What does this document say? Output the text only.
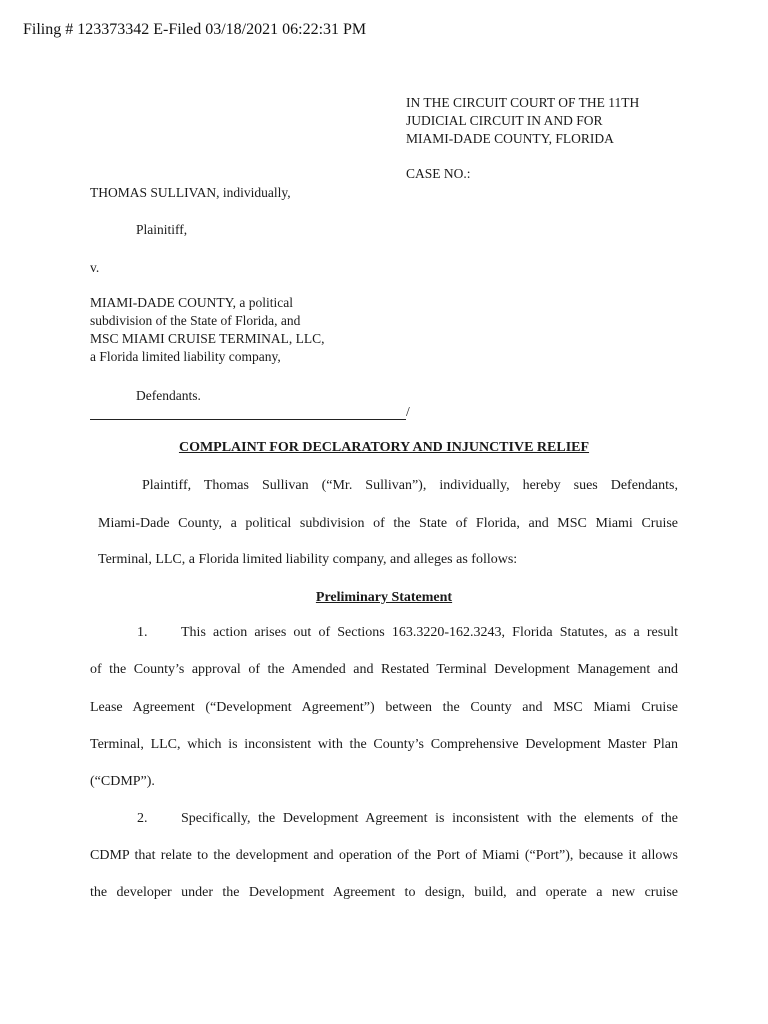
Filing # 123373342 E-Filed 03/18/2021 06:22:31 PM
IN THE CIRCUIT COURT OF THE 11TH
JUDICIAL CIRCUIT IN AND FOR
MIAMI-DADE COUNTY, FLORIDA
CASE NO.:
THOMAS SULLIVAN, individually,
Plainitiff,
v.
MIAMI-DADE COUNTY, a political
subdivision of the State of Florida, and
MSC MIAMI CRUISE TERMINAL, LLC,
a Florida limited liability company,
Defendants.
/
COMPLAINT FOR DECLARATORY AND INJUNCTIVE RELIEF
Plaintiff, Thomas Sullivan (“Mr. Sullivan”), individually, hereby sues Defendants,
Miami-Dade County, a political subdivision of the State of Florida, and MSC Miami Cruise
Terminal, LLC, a Florida limited liability company, and alleges as follows:
Preliminary Statement
1. This action arises out of Sections 163.3220-162.3243, Florida Statutes, as a result
of the County’s approval of the Amended and Restated Terminal Development Management and
Lease Agreement (“Development Agreement”) between the County and MSC Miami Cruise
Terminal, LLC, which is inconsistent with the County’s Comprehensive Development Master Plan
(“CDMP”).
2. Specifically, the Development Agreement is inconsistent with the elements of the
CDMP that relate to the development and operation of the Port of Miami (“Port”), because it allows
the developer under the Development Agreement to design, build, and operate a new cruise
